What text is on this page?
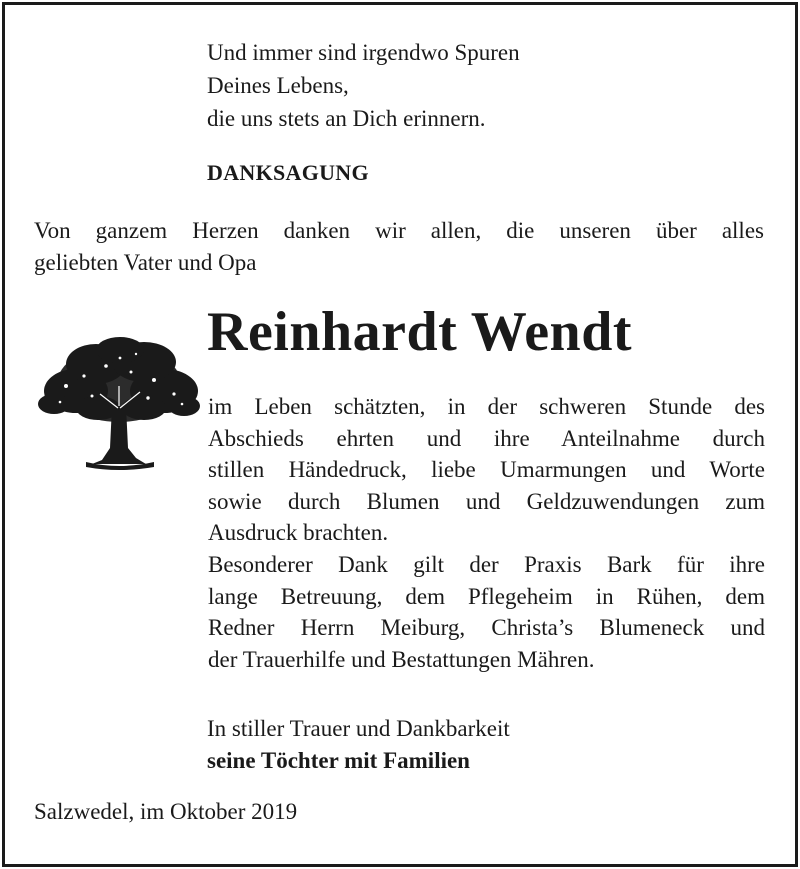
Und immer sind irgendwo Spuren
Deines Lebens,
die uns stets an Dich erinnern.
DANKSAGUNG
Von ganzem Herzen danken wir allen, die unseren über alles
geliebten Vater und Opa
Reinhardt Wendt
im Leben schätzten, in der schweren Stunde des
Abschieds ehrten und ihre Anteilnahme durch
stillen Händedruck, liebe Umarmungen und Worte
sowie durch Blumen und Geldzuwendungen zum
Ausdruck brachten.
Besonderer Dank gilt der Praxis Bark für ihre
lange Betreuung, dem Pflegeheim in Rühen, dem
Redner Herrn Meiburg, Christa’s Blumeneck und
der Trauerhilfe und Bestattungen Mähren.
In stiller Trauer und Dankbarkeit
seine Töchter mit Familien
Salzwedel, im Oktober 2019
